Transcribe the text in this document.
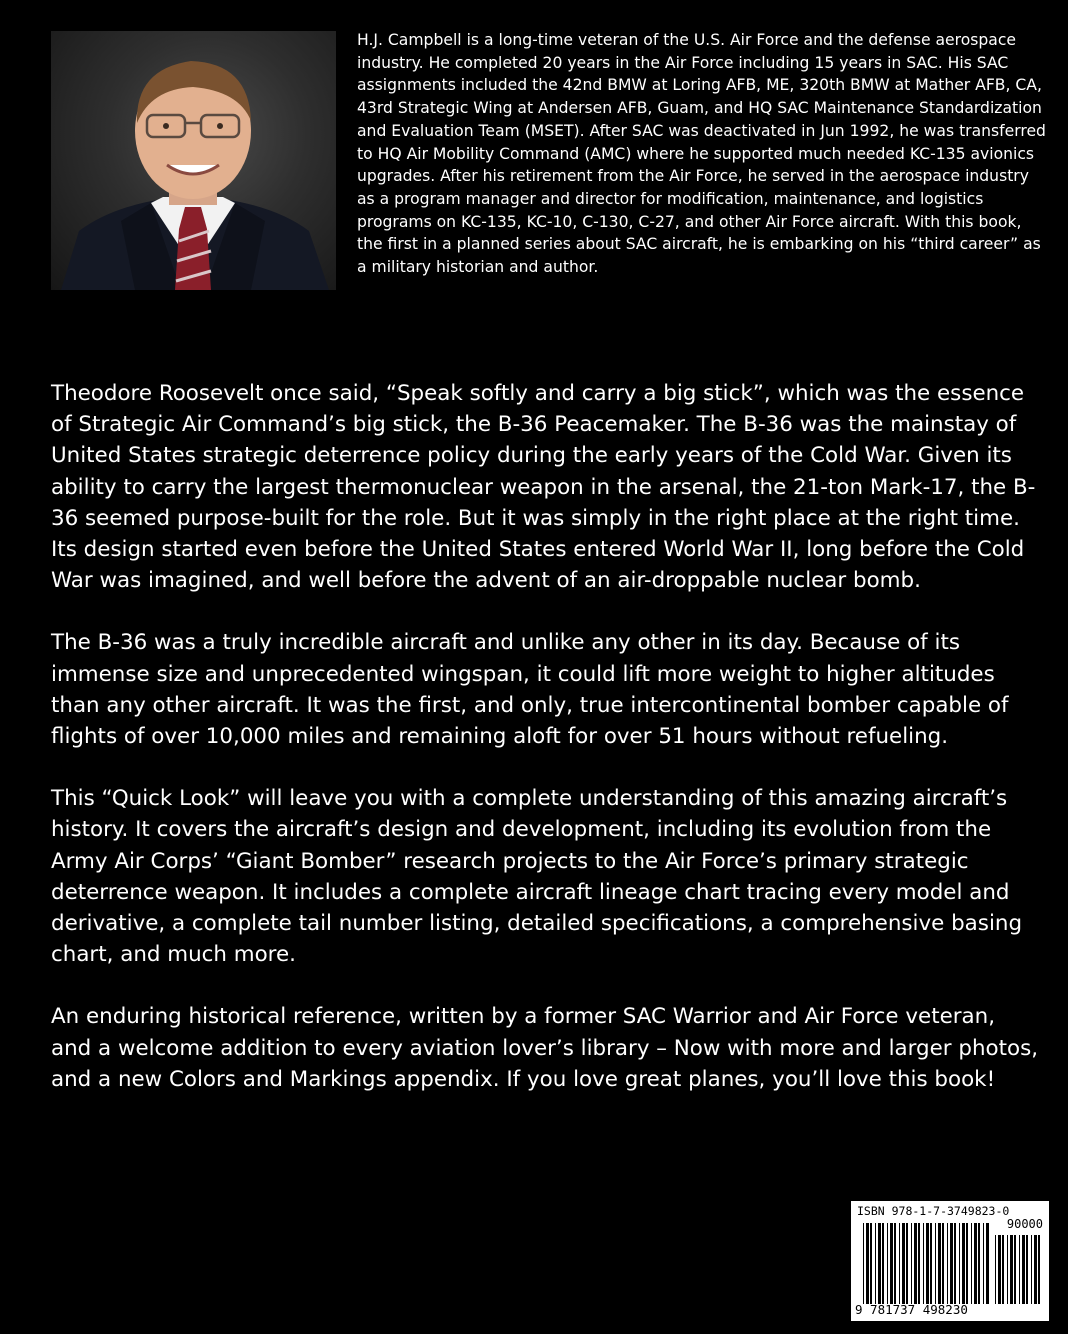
H.J. Campbell is a long-time veteran of the U.S. Air Force and the defense aerospace industry. He completed 20 years in the Air Force including 15 years in SAC. His SAC assignments included the 42nd BMW at Loring AFB, ME, 320th BMW at Mather AFB, CA, 43rd Strategic Wing at Andersen AFB, Guam, and HQ SAC Maintenance Standardization and Evaluation Team (MSET). After SAC was deactivated in Jun 1992, he was transferred to HQ Air Mobility Command (AMC) where he supported much needed KC-135 avionics upgrades. After his retirement from the Air Force, he served in the aerospace industry as a program manager and director for modification, maintenance, and logistics programs on KC-135, KC-10, C-130, C-27, and other Air Force aircraft. With this book, the first in a planned series about SAC aircraft, he is embarking on his “third career” as a military historian and author.

Theodore Roosevelt once said, “Speak softly and carry a big stick”, which was the essence of Strategic Air Command’s big stick, the B-36 Peacemaker. The B-36 was the mainstay of United States strategic deterrence policy during the early years of the Cold War. Given its ability to carry the largest thermonuclear weapon in the arsenal, the 21-ton Mark-17, the B-36 seemed purpose-built for the role. But it was simply in the right place at the right time. Its design started even before the United States entered World War II, long before the Cold War was imagined, and well before the advent of an air-droppable nuclear bomb.

The B-36 was a truly incredible aircraft and unlike any other in its day. Because of its immense size and unprecedented wingspan, it could lift more weight to higher altitudes than any other aircraft. It was the first, and only, true intercontinental bomber capable of flights of over 10,000 miles and remaining aloft for over 51 hours without refueling.

This “Quick Look” will leave you with a complete understanding of this amazing aircraft’s history. It covers the aircraft’s design and development, including its evolution from the Army Air Corps’ “Giant Bomber” research projects to the Air Force’s primary strategic deterrence weapon. It includes a complete aircraft lineage chart tracing every model and derivative, a complete tail number listing, detailed specifications, a comprehensive basing chart, and much more.

An enduring historical reference, written by a former SAC Warrior and Air Force veteran, and a welcome addition to every aviation lover’s library – Now with more and larger photos, and a new Colors and Markings appendix. If you love great planes, you’ll love this book!

ISBN 978-1-7-3749823-0
90000
9 781737 498230
